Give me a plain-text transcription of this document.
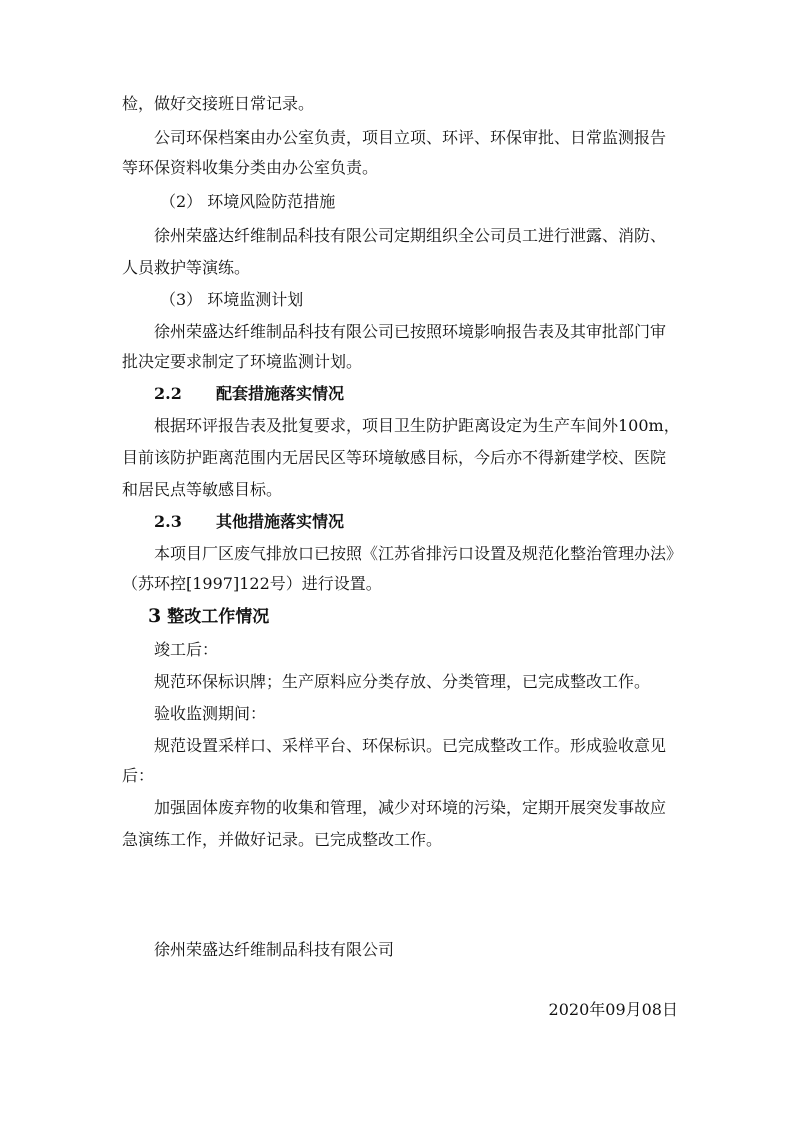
检，做好交接班日常记录。
公司环保档案由办公室负责，项目立项、环评、环保审批、日常监测报告
等环保资料收集分类由办公室负责。
（2） 环境风险防范措施
徐州荣盛达纤维制品科技有限公司定期组织全公司员工进行泄露、消防、
人员救护等演练。
（3） 环境监测计划
徐州荣盛达纤维制品科技有限公司已按照环境影响报告表及其审批部门审
批决定要求制定了环境监测计划。
2.2 配套措施落实情况
根据环评报告表及批复要求，项目卫生防护距离设定为生产车间外100m，
目前该防护距离范围内无居民区等环境敏感目标，今后亦不得新建学校、医院
和居民点等敏感目标。
2.3 其他措施落实情况
本项目厂区废气排放口已按照《江苏省排污口设置及规范化整治管理办法》
（苏环控[1997]122号）进行设置。
3 整改工作情况
竣工后：
规范环保标识牌；生产原料应分类存放、分类管理，已完成整改工作。
验收监测期间：
规范设置采样口、采样平台、环保标识。已完成整改工作。形成验收意见
后：
加强固体废弃物的收集和管理，减少对环境的污染，定期开展突发事故应
急演练工作，并做好记录。已完成整改工作。
徐州荣盛达纤维制品科技有限公司
2020年09月08日
